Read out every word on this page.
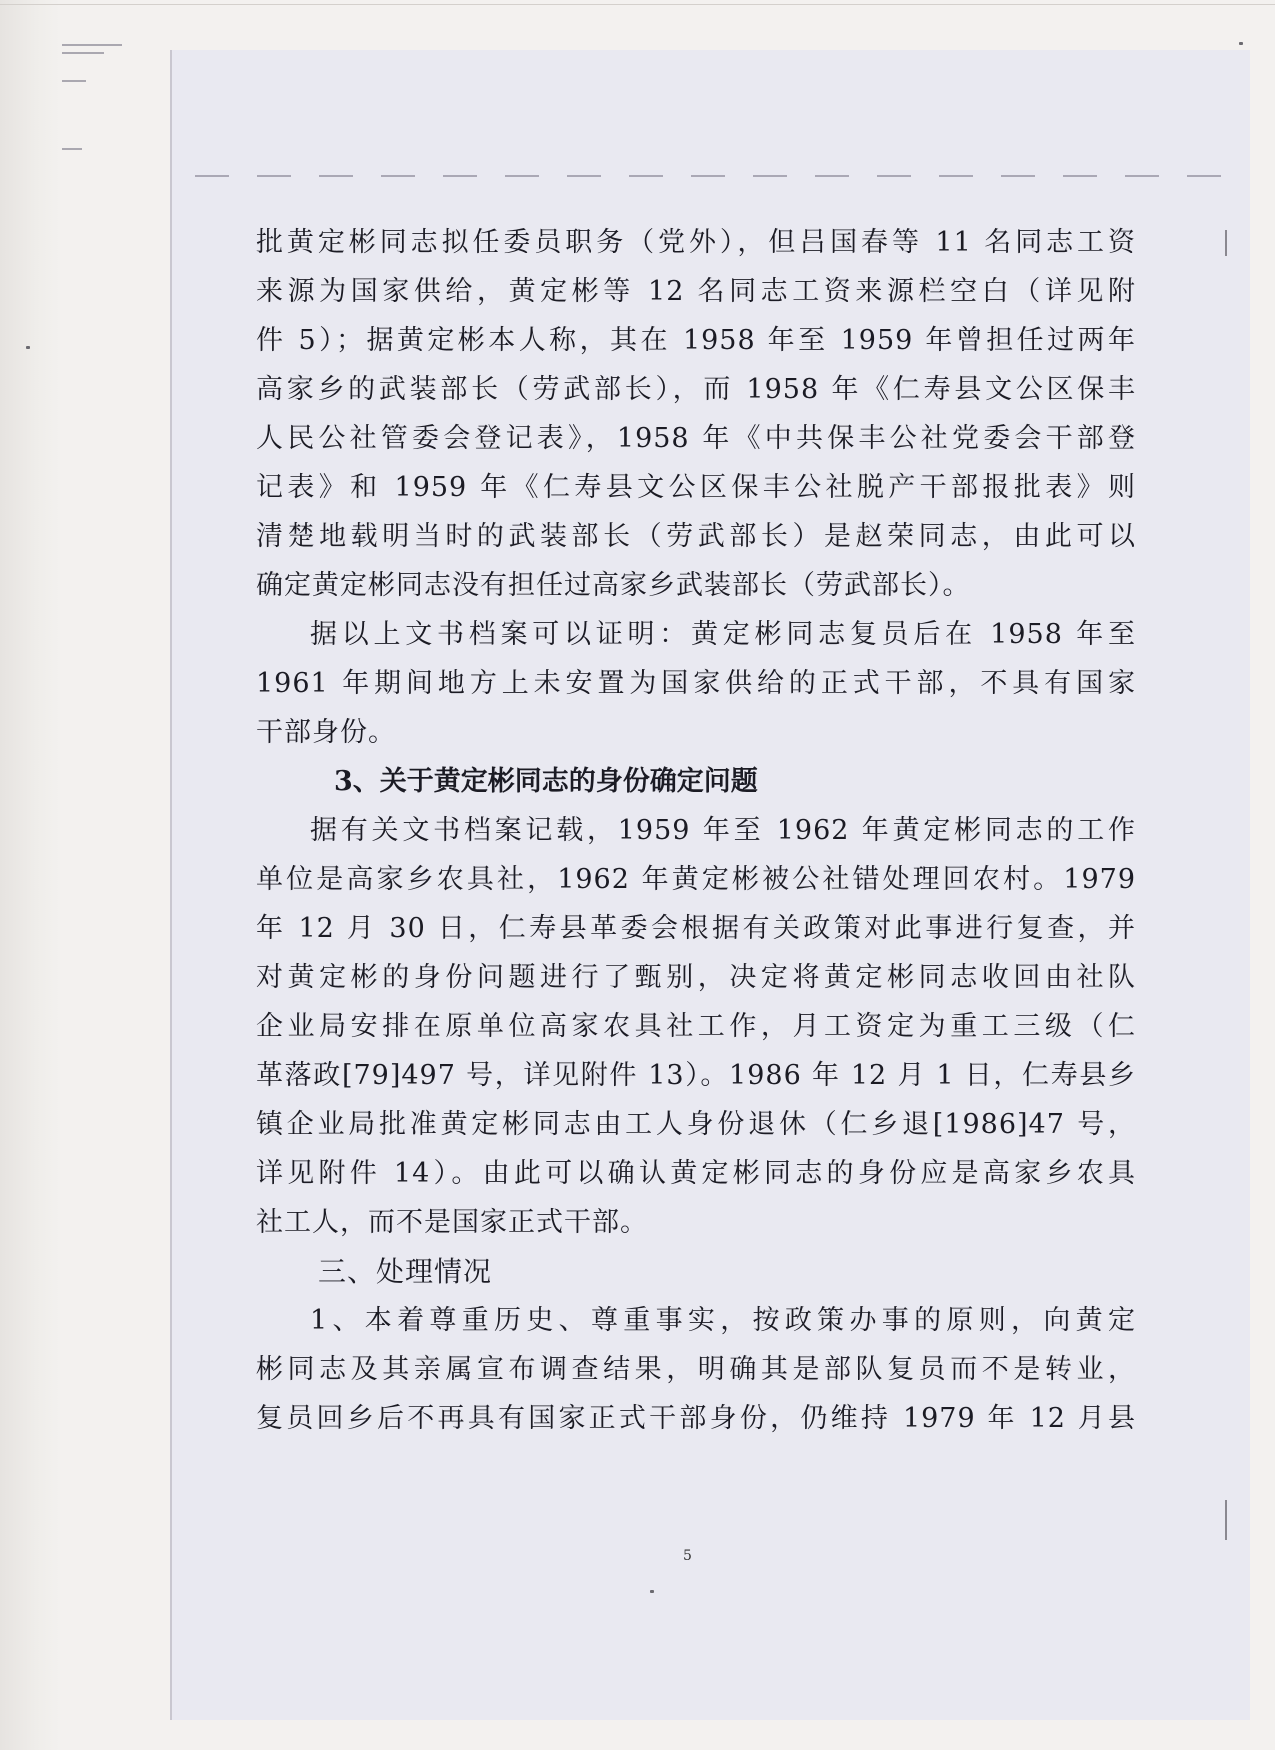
批黄定彬同志拟任委员职务（党外），但吕国春等 11 名同志工资
来源为国家供给，黄定彬等 12 名同志工资来源栏空白（详见附
件 5）；据黄定彬本人称，其在 1958 年至 1959 年曾担任过两年
高家乡的武装部长（劳武部长），而 1958 年《仁寿县文公区保丰
人民公社管委会登记表》，1958 年《中共保丰公社党委会干部登
记表》和 1959 年《仁寿县文公区保丰公社脱产干部报批表》则
清楚地载明当时的武装部长（劳武部长）是赵荣同志，由此可以
确定黄定彬同志没有担任过高家乡武装部长（劳武部长）。
据以上文书档案可以证明：黄定彬同志复员后在 1958 年至
1961 年期间地方上未安置为国家供给的正式干部，不具有国家
干部身份。
3、关于黄定彬同志的身份确定问题
据有关文书档案记载，1959 年至 1962 年黄定彬同志的工作
单位是高家乡农具社，1962 年黄定彬被公社错处理回农村。1979
年 12 月 30 日，仁寿县革委会根据有关政策对此事进行复查，并
对黄定彬的身份问题进行了甄别，决定将黄定彬同志收回由社队
企业局安排在原单位高家农具社工作，月工资定为重工三级（仁
革落政[79]497 号，详见附件 13）。1986 年 12 月 1 日，仁寿县乡
镇企业局批准黄定彬同志由工人身份退休（仁乡退[1986]47 号，
详见附件 14）。由此可以确认黄定彬同志的身份应是高家乡农具
社工人，而不是国家正式干部。
三、处理情况
1、本着尊重历史、尊重事实，按政策办事的原则，向黄定
彬同志及其亲属宣布调查结果，明确其是部队复员而不是转业，
复员回乡后不再具有国家正式干部身份，仍维持 1979 年 12 月县
5
